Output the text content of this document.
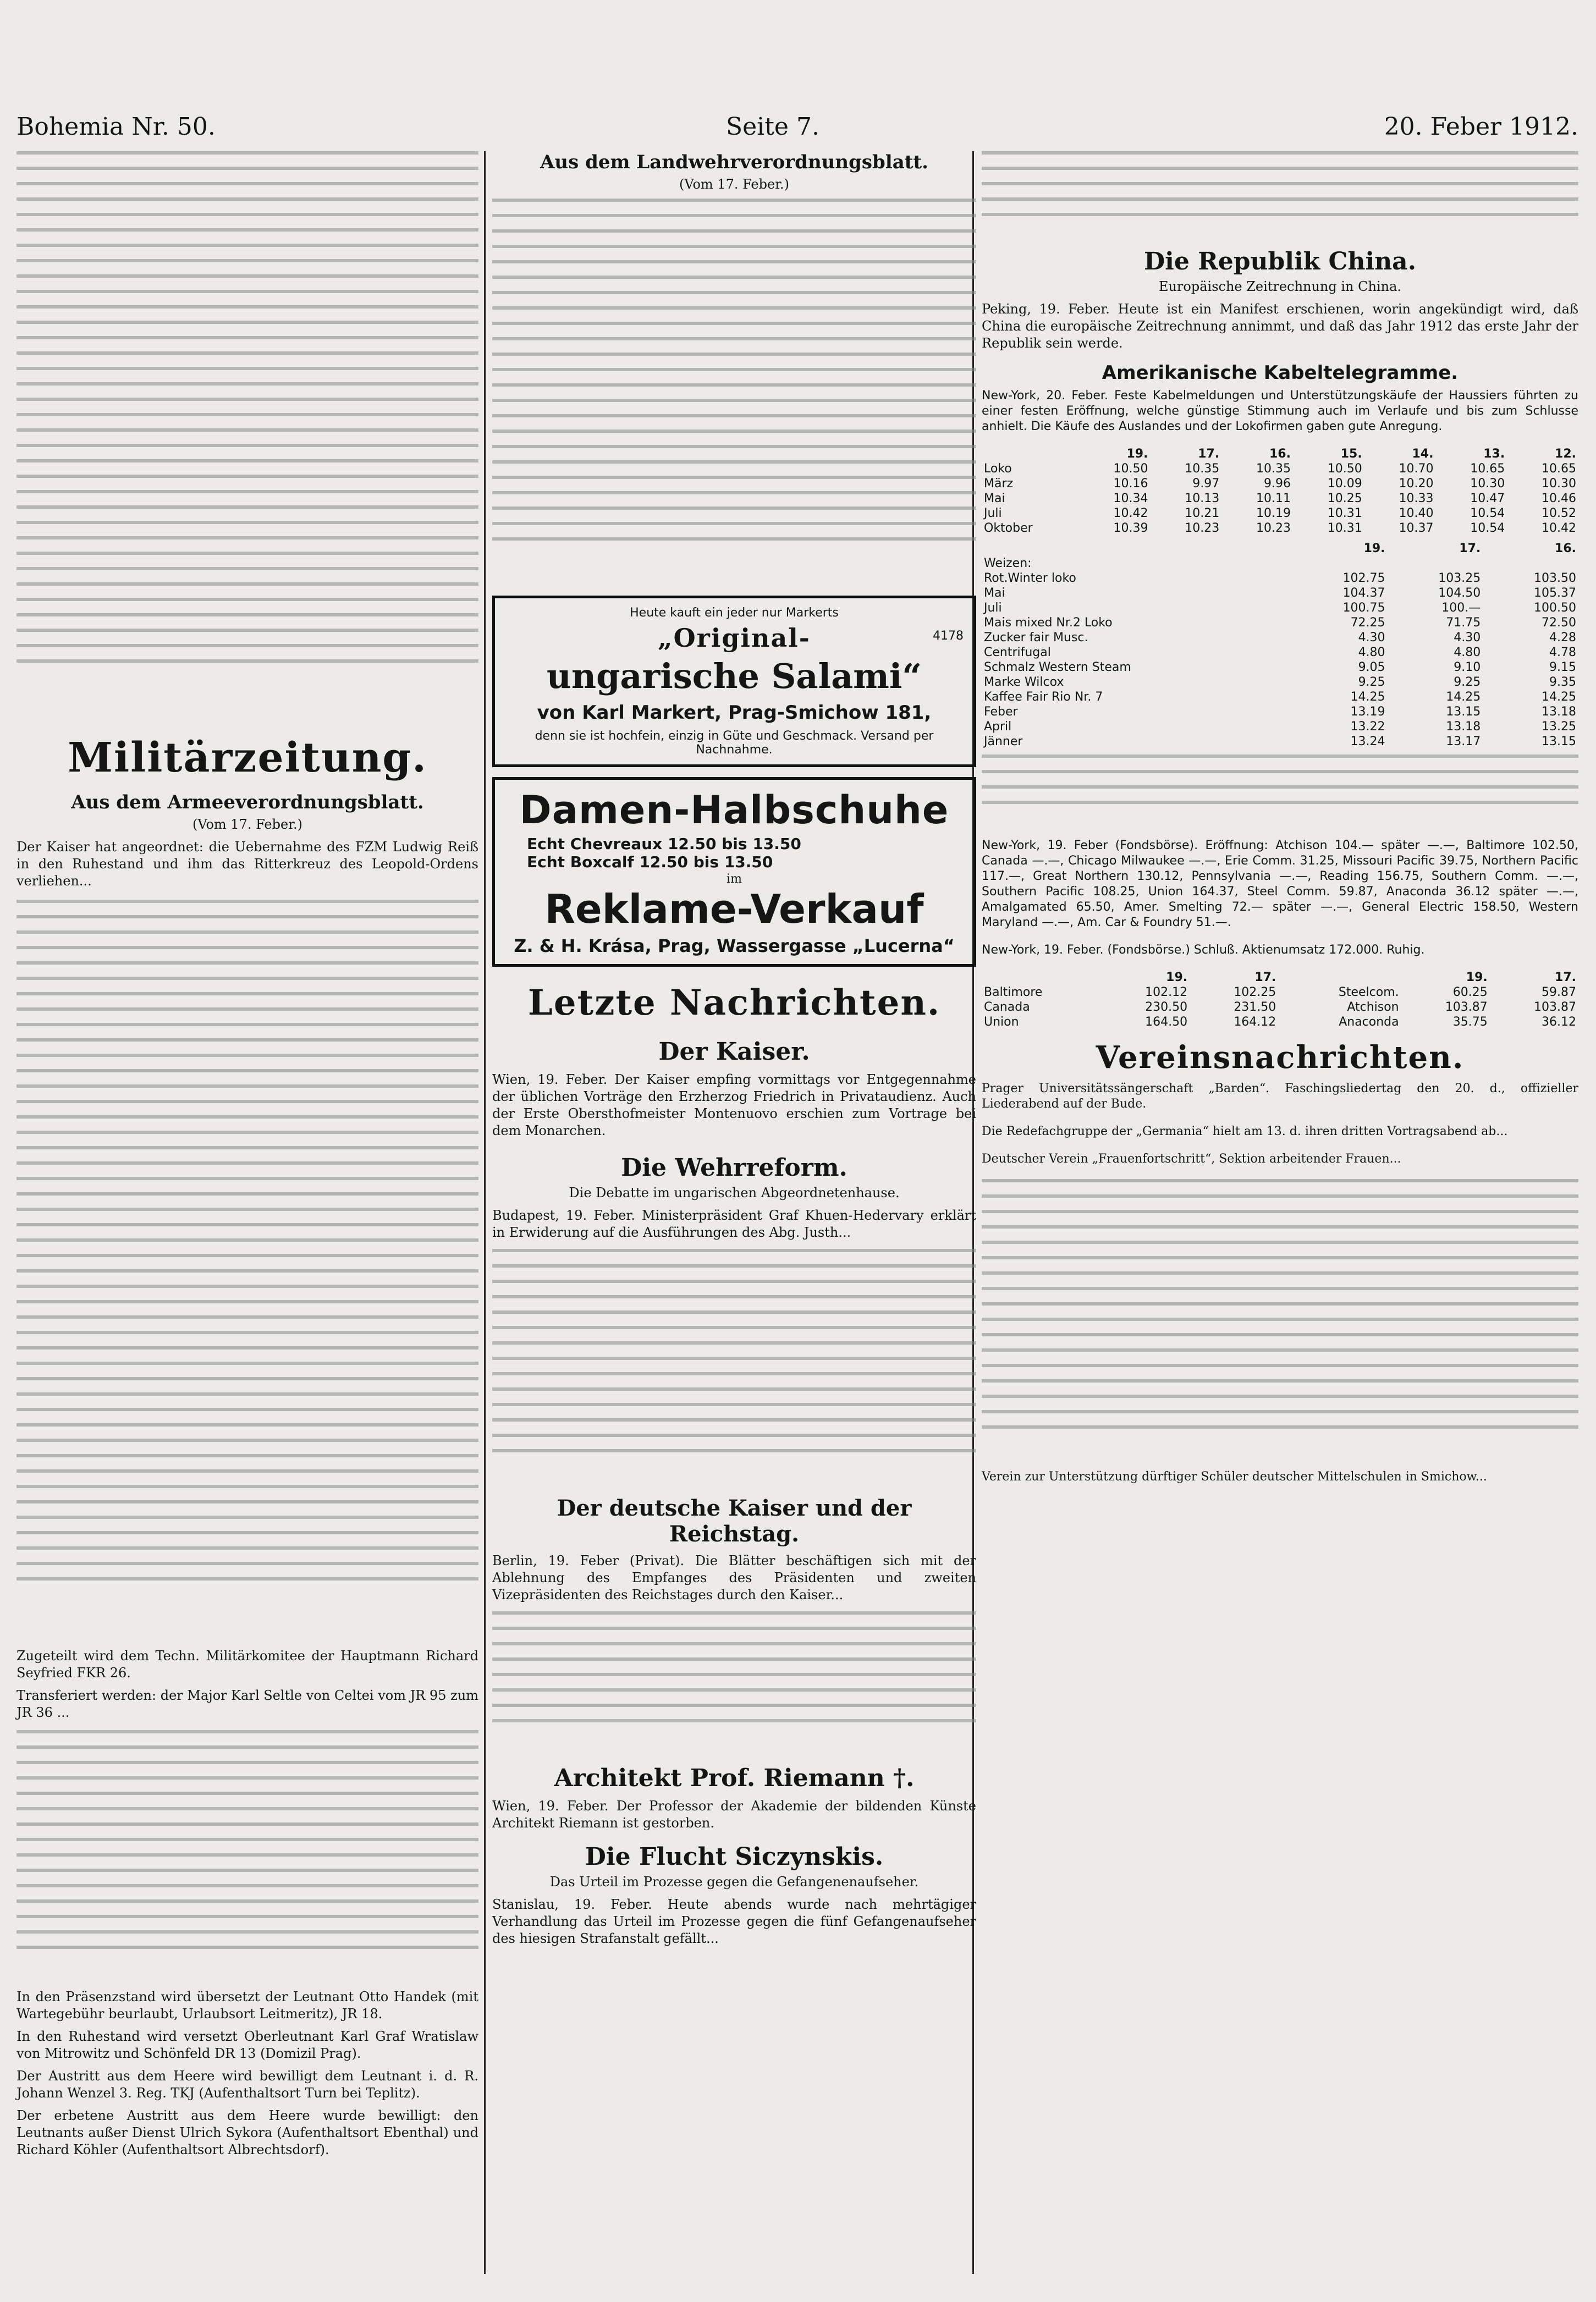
Bohemia Nr. 50.	Seite 7.	20. Feber 1912.
Militärzeitung.
Aus dem Armeeverordnungsblatt.
(Vom 17. Feber.)

Der Kaiser hat angeordnet: die Uebernahme des FZM Ludwig Reiß in den Ruhestand und ihm das Ritterkreuz des Leopold-Ordens verliehen...

Zugeteilt wird dem Techn. Militärkomitee der Hauptmann Richard Seyfried FKR 26.

Transferiert werden: der Major Karl Seltle von Celtei vom JR 95 zum JR 36 ...

In den Präsenzstand wird übersetzt der Leutnant Otto Handek (mit Wartegebühr beurlaubt, Urlaubsort Leitmeritz), JR 18.

In den Ruhestand wird versetzt Oberleutnant Karl Graf Wratislaw von Mitrowitz und Schönfeld DR 13 (Domizil Prag).

Der Austritt aus dem Heere wird bewilligt dem Leutnant i. d. R. Johann Wenzel 3. Reg. TKJ (Aufenthaltsort Turn bei Teplitz).

Der erbetene Austritt aus dem Heere wurde bewilligt: den Leutnants außer Dienst Ulrich Sykora (Aufenthaltsort Ebenthal) und Richard Köhler (Aufenthaltsort Albrechtsdorf).

Aus dem Landwehrverordnungsblatt.
(Vom 17. Feber.)
Heute kauft ein jeder nur Markerts
4178
„Original-
ungarische Salami“
von Karl Markert, Prag-Smichow 181,
denn sie ist hochfein, einzig in Güte und Geschmack. Versand per Nachnahme.
Damen-Halbschuhe
Echt Chevreaux 12.50 bis 13.50
Echt Boxcalf 12.50 bis 13.50
im
Reklame-Verkauf
Z. & H. Krása, Prag, Wassergasse „Lucerna“
Letzte Nachrichten.
Der Kaiser.

Wien, 19. Feber. Der Kaiser empfing vormittags vor Entgegennahme der üblichen Vorträge den Erzherzog Friedrich in Privataudienz. Auch der Erste Obersthofmeister Montenuovo erschien zum Vortrage bei dem Monarchen.

Die Wehrreform.
Die Debatte im ungarischen Abgeordnetenhause.

Budapest, 19. Feber. Ministerpräsident Graf Khuen-Hedervary erklärt in Erwiderung auf die Ausführungen des Abg. Justh...

Der deutsche Kaiser und der Reichstag.

Berlin, 19. Feber (Privat). Die Blätter beschäftigen sich mit der Ablehnung des Empfanges des Präsidenten und zweiten Vizepräsidenten des Reichstages durch den Kaiser...

Architekt Prof. Riemann †.

Wien, 19. Feber. Der Professor der Akademie der bildenden Künste Architekt Riemann ist gestorben.

Die Flucht Siczynskis.
Das Urteil im Prozesse gegen die Gefangenenaufseher.

Stanislau, 19. Feber. Heute abends wurde nach mehrtägiger Verhandlung das Urteil im Prozesse gegen die fünf Gefangenaufseher des hiesigen Strafanstalt gefällt...

Die Republik China.
Europäische Zeitrechnung in China.

Peking, 19. Feber. Heute ist ein Manifest erschienen, worin angekündigt wird, daß China die europäische Zeitrechnung annimmt, und daß das Jahr 1912 das erste Jahr der Republik sein werde.

Amerikanische Kabeltelegramme.

New-York, 20. Feber. Feste Kabelmeldungen und Unterstützungskäufe der Haussiers führten zu einer festen Eröffnung, welche günstige Stimmung auch im Verlaufe und bis zum Schlusse anhielt. Die Käufe des Auslandes und der Lokofirmen gaben gute Anregung.

	19.	17.	16.	15.	14.	13.	12.
Loko	10.50	10.35	10.35	10.50	10.70	10.65	10.65
März	10.16	9.97	9.96	10.09	10.20	10.30	10.30
Mai	10.34	10.13	10.11	10.25	10.33	10.47	10.46
Juli	10.42	10.21	10.19	10.31	10.40	10.54	10.52
Oktober	10.39	10.23	10.23	10.31	10.37	10.54	10.42
	19.	17.	16.
Weizen:			
Rot.Winter loko	102.75	103.25	103.50
Mai	104.37	104.50	105.37
Juli	100.75	100.—	100.50
Mais mixed Nr.2 Loko	72.25	71.75	72.50
Zucker fair Musc.	4.30	4.30	4.28
Centrifugal	4.80	4.80	4.78
Schmalz Western Steam	9.05	9.10	9.15
Marke Wilcox	9.25	9.25	9.35
Kaffee Fair Rio Nr. 7	14.25	14.25	14.25
Feber	13.19	13.15	13.18
April	13.22	13.18	13.25
Jänner	13.24	13.17	13.15

New-York, 19. Feber (Fondsbörse). Eröffnung: Atchison 104.— später —.—, Baltimore 102.50, Canada —.—, Chicago Milwaukee —.—, Erie Comm. 31.25, Missouri Pacific 39.75, Northern Pacific 117.—, Great Northern 130.12, Pennsylvania —.—, Reading 156.75, Southern Comm. —.—, Southern Pacific 108.25, Union 164.37, Steel Comm. 59.87, Anaconda 36.12 später —.—, Amalgamated 65.50, Amer. Smelting 72.— später —.—, General Electric 158.50, Western Maryland —.—, Am. Car & Foundry 51.—.

New-York, 19. Feber. (Fondsbörse.) Schluß. Aktienumsatz 172.000. Ruhig.

	19.	17.		19.	17.
Baltimore	102.12	102.25	Steelcom.	60.25	59.87
Canada	230.50	231.50	Atchison	103.87	103.87
Union	164.50	164.12	Anaconda	35.75	36.12
Vereinsnachrichten.

Prager Universitätssängerschaft „Barden“. Faschingsliedertag den 20. d., offizieller Liederabend auf der Bude.

Die Redefachgruppe der „Germania“ hielt am 13. d. ihren dritten Vortragsabend ab...

Deutscher Verein „Frauenfortschritt“, Sektion arbeitender Frauen...

Verein zur Unterstützung dürftiger Schüler deutscher Mittelschulen in Smichow...
